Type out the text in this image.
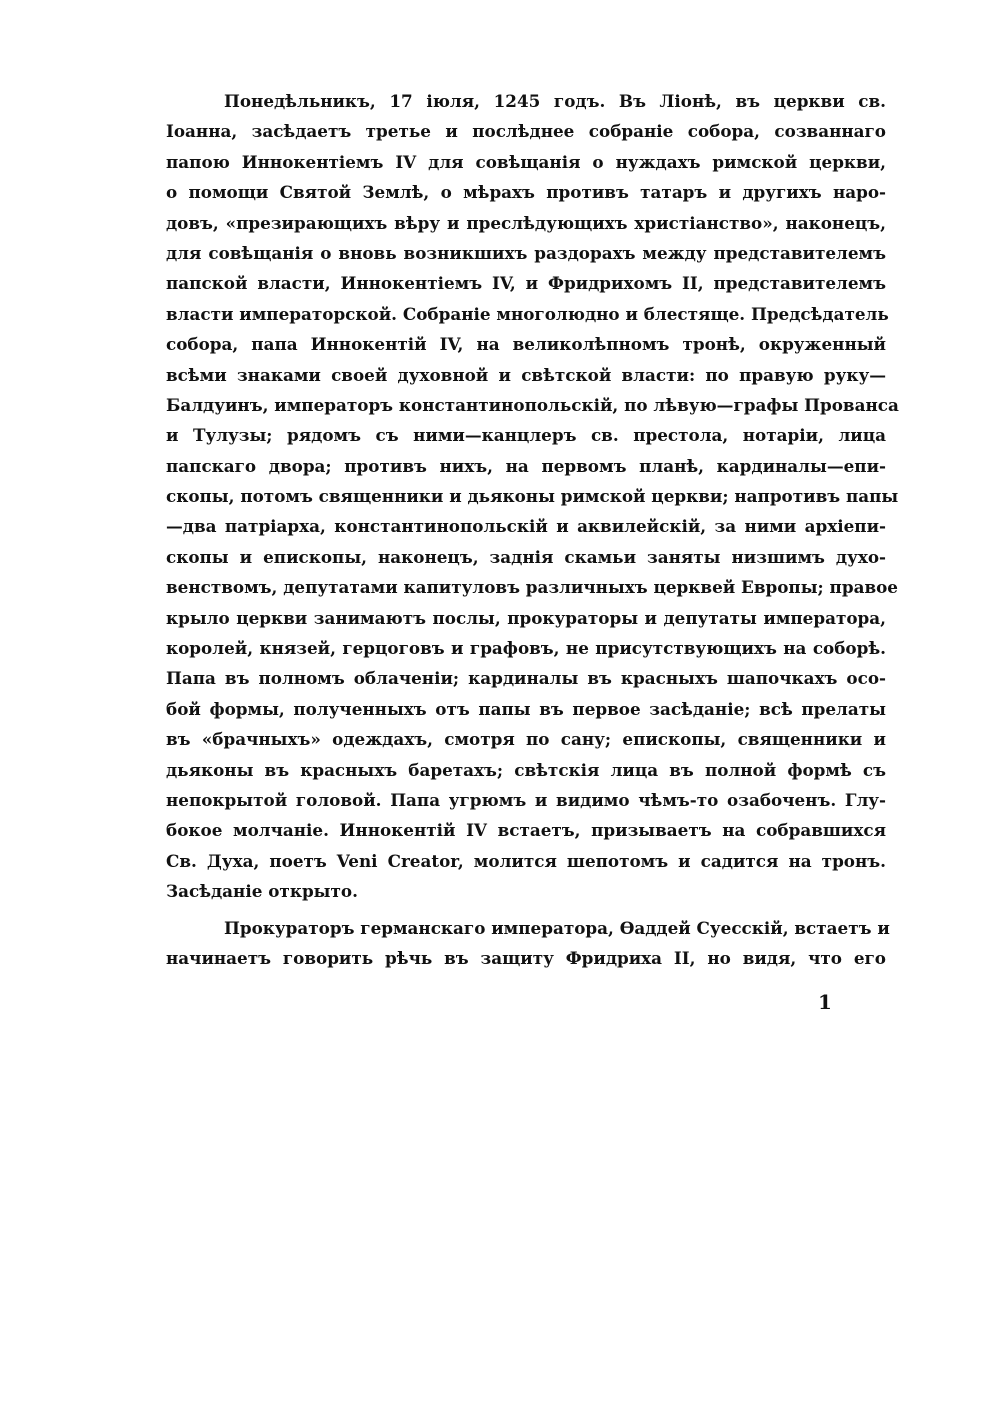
Понедѣльникъ, 17 іюля, 1245 годъ. Въ Ліонѣ, въ церкви св.
Іоанна, засѣдаетъ третье и послѣднее собраніе собора, созваннаго
папою Иннокентіемъ IV для совѣщанія о нуждахъ римской церкви,
о помощи Святой Землѣ, о мѣрахъ противъ татаръ и другихъ наро-
довъ, «презирающихъ вѣру и преслѣдующихъ христіанство», наконецъ,
для совѣщанія о вновь возникшихъ раздорахъ между представителемъ
папской власти, Иннокентіемъ IV, и Фридрихомъ II, представителемъ
власти императорской. Собраніе многолюдно и блестяще. Предсѣдатель
собора, папа Иннокентій IV, на великолѣпномъ тронѣ, окруженный
всѣми знаками своей духовной и свѣтской власти: по правую руку—
Балдуинъ, императоръ константинопольскій, по лѣвую—графы Прованса
и Тулузы; рядомъ съ ними—канцлеръ св. престола, нотаріи, лица
папскаго двора; противъ нихъ, на первомъ планѣ, кардиналы—епи-
скопы, потомъ священники и дьяконы римской церкви; напротивъ папы
—два патріарха, константинопольскій и аквилейскій, за ними архіепи-
скопы и епископы, наконецъ, заднія скамьи заняты низшимъ духо-
венствомъ, депутатами капитуловъ различныхъ церквей Европы; правое
крыло церкви занимаютъ послы, прокураторы и депутаты императора,
королей, князей, герцоговъ и графовъ, не присутствующихъ на соборѣ.
Папа въ полномъ облаченіи; кардиналы въ красныхъ шапочкахъ осо-
бой формы, полученныхъ отъ папы въ первое засѣданіе; всѣ прелаты
въ «брачныхъ» одеждахъ, смотря по сану; епископы, священники и
дьяконы въ красныхъ баретахъ; свѣтскія лица въ полной формѣ съ
непокрытой головой. Папа угрюмъ и видимо чѣмъ-то озабоченъ. Глу-
бокое молчаніе. Иннокентій IV встаетъ, призываетъ на собравшихся
Св. Духа, поетъ Veni Creator, молится шепотомъ и садится на тронъ.
Засѣданіе открыто.
Прокураторъ германскаго императора, Ѳаддей Суесскій, встаетъ и
начинаетъ говорить рѣчь въ защиту Фридриха II, но видя, что его
1
